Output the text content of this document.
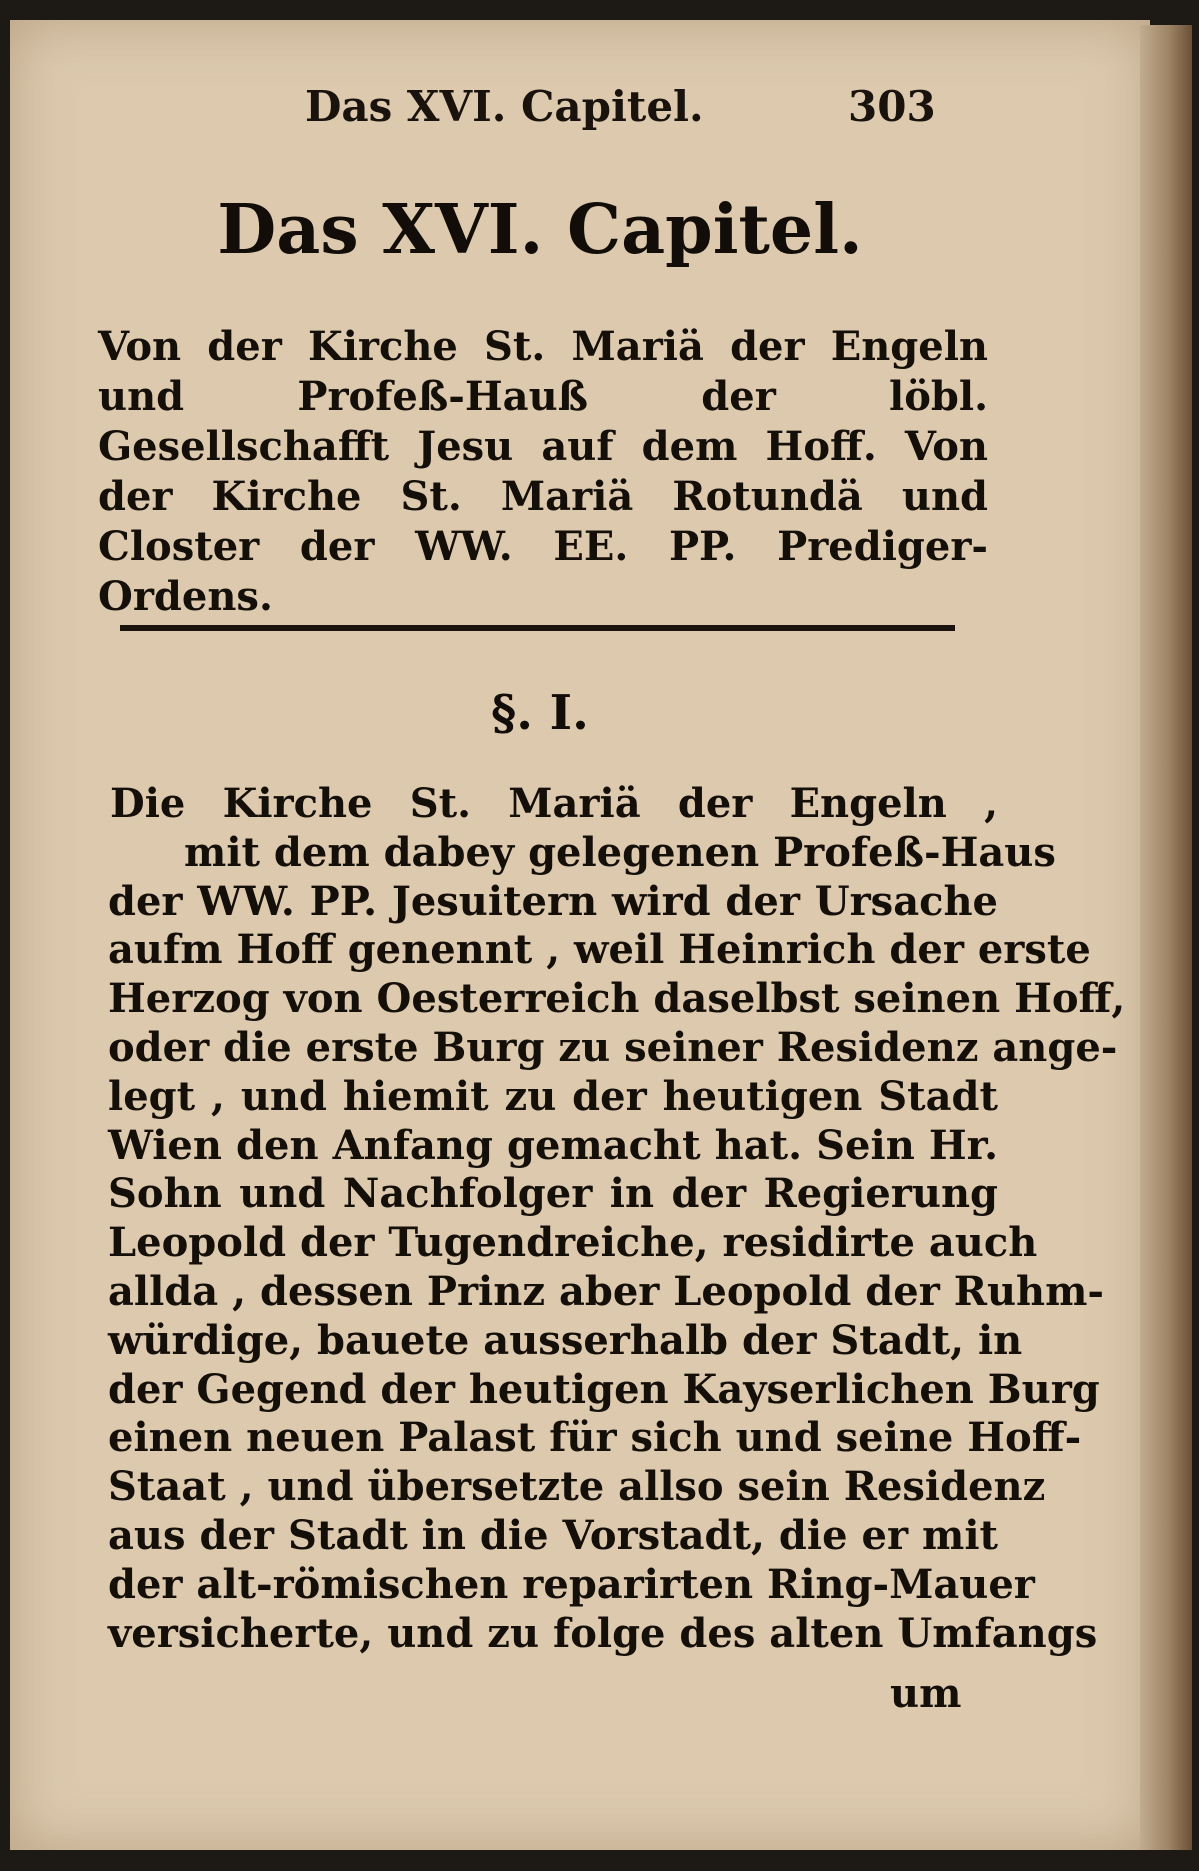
Das XVI. Capitel.	303
Das XVI. Capitel.
Von der Kirche St. Mariä der Engeln und Profeß-Hauß der löbl. Gesellschafft Jesu auf dem Hoff. Von der Kirche St. Mariä Rotundä und Closter der WW. EE. PP. Prediger-Ordens.
§. I.
Die Kirche St. Mariä der Engeln ,
mit dem dabey gelegenen Profeß-Haus
der WW. PP. Jesuitern wird der Ursache
aufm Hoff genennt , weil Heinrich der erste
Herzog von Oesterreich daselbst seinen Hoff,
oder die erste Burg zu seiner Residenz ange-
legt , und hiemit zu der heutigen Stadt
Wien den Anfang gemacht hat. Sein Hr.
Sohn und Nachfolger in der Regierung
Leopold der Tugendreiche, residirte auch
allda , dessen Prinz aber Leopold der Ruhm-
würdige, bauete ausserhalb der Stadt, in
der Gegend der heutigen Kayserlichen Burg
einen neuen Palast für sich und seine Hoff-
Staat , und übersetzte allso sein Residenz
aus der Stadt in die Vorstadt, die er mit
der alt-römischen reparirten Ring-Mauer
versicherte, und zu folge des alten Umfangs
um
